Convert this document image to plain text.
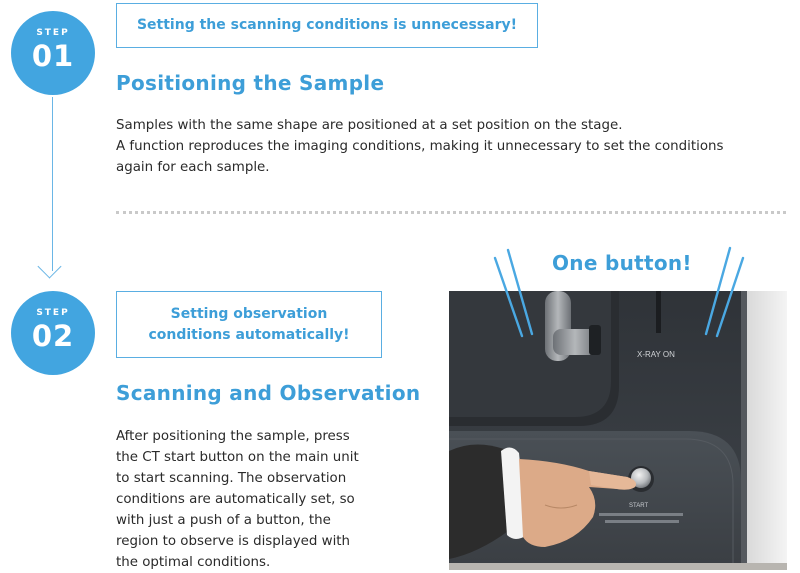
STEP
01
Setting the scanning conditions is unnecessary!
Positioning the Sample
Samples with the same shape are positioned at a set position on the stage.
A function reproduces the imaging conditions, making it unnecessary to set the conditions
again for each sample.
STEP
02
Setting observation
conditions automatically!
Scanning and Observation
After positioning the sample, press
the CT start button on the main unit
to start scanning. The observation
conditions are automatically set, so
with just a push of a button, the
region to observe is displayed with
the optimal conditions.
One button!
X-RAY ON
START
